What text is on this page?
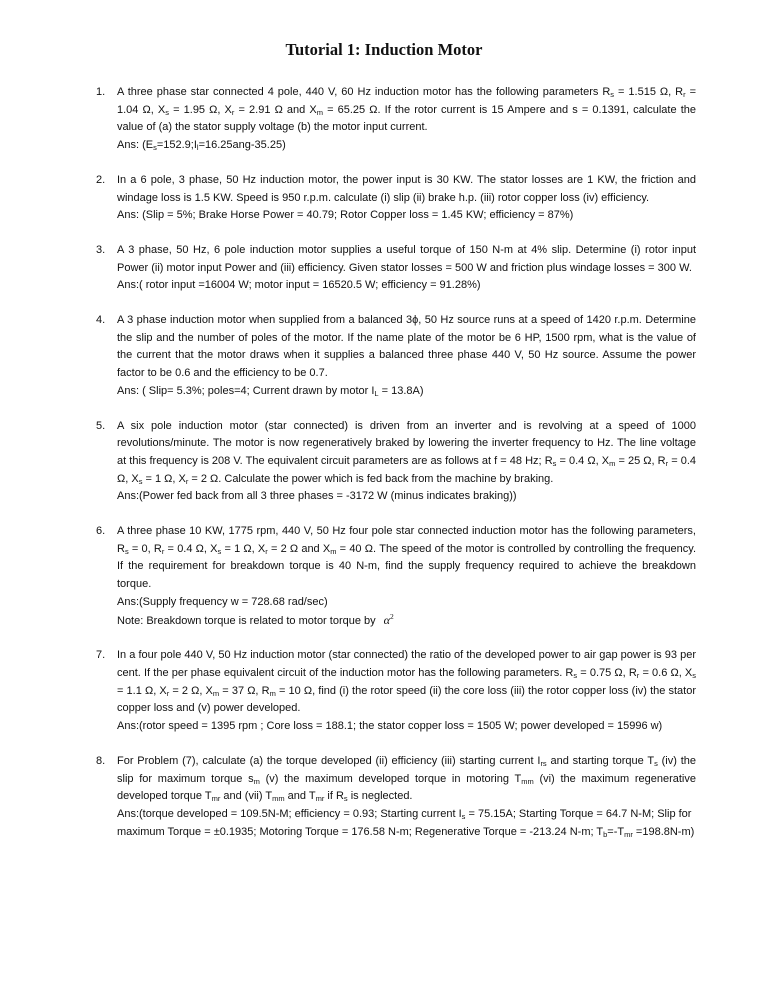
Tutorial 1: Induction Motor
1.	A three phase star connected 4 pole, 440 V, 60 Hz induction motor has the following parameters $R_s = 1.515$ Ω, $R_r = 1.04$ Ω, $X_s = 1.95$ Ω, $X_r = 2.91$ Ω and $X_m = 65.25$ Ω. If the rotor current is 15 Ampere and s = 0.1391, calculate the value of (a) the stator supply voltage (b) the motor input current.
Ans: $(E_s=152.9;I_l=16.25ang-35.25)$
2.	In a 6 pole, 3 phase, 50 Hz induction motor, the power input is 30 KW. The stator losses are 1 KW, the friction and windage loss is 1.5 KW. Speed is 950 r.p.m. calculate (i) slip (ii) brake h.p. (iii) rotor copper loss (iv) efficiency.
Ans: (Slip = 5%; Brake Horse Power = 40.79; Rotor Copper loss = 1.45 KW; efficiency = 87%)
3.	A 3 phase, 50 Hz, 6 pole induction motor supplies a useful torque of 150 N-m at 4% slip. Determine (i) rotor input Power (ii) motor input Power and (iii) efficiency. Given stator losses = 500 W and friction plus windage losses = 300 W.
Ans:( rotor input =16004 W; motor input = 16520.5 W; efficiency = 91.28%)
4.	A 3 phase induction motor when supplied from a balanced 3ϕ, 50 Hz source runs at a speed of 1420 r.p.m. Determine the slip and the number of poles of the motor. If the name plate of the motor be 6 HP, 1500 rpm, what is the value of the current that the motor draws when it supplies a balanced three phase 440 V, 50 Hz source. Assume the power factor to be 0.6 and the efficiency to be 0.7.
Ans: ( Slip= 5.3%; poles=4; Current drawn by motor $I_L = 13.8A$)
5.	A six pole induction motor (star connected) is driven from an inverter and is revolving at a speed of 1000 revolutions/minute. The motor is now regeneratively braked by lowering the inverter frequency to Hz. The line voltage at this frequency is 208 V. The equivalent circuit parameters are as follows at f = 48 Hz; $R_s = 0.4$ Ω, $X_m = 25$ Ω, $R_r = 0.4$ Ω, $X_s = 1$ Ω, $X_r = 2$ Ω. Calculate the power which is fed back from the machine by braking.
Ans:(Power fed back from all 3 three phases = -3172 W (minus indicates braking))
6.	A three phase 10 KW, 1775 rpm, 440 V, 50 Hz four pole star connected induction motor has the following parameters, $R_s = 0$, $R_r = 0.4$ Ω, $X_s = 1$ Ω, $X_r = 2$ Ω and $X_m = 40$ Ω. The speed of the motor is controlled by controlling the frequency. If the requirement for breakdown torque is 40 N-m, find the supply frequency required to achieve the breakdown torque.
Ans:(Supply frequency w = 728.68 rad/sec)
Note: Breakdown torque is related to motor torque by $\alpha^2$
7.	In a four pole 440 V, 50 Hz induction motor (star connected) the ratio of the developed power to air gap power is 93 per cent. If the per phase equivalent circuit of the induction motor has the following parameters. $R_s = 0.75$ Ω, $R_r = 0.6$ Ω, $X_s = 1.1$ Ω, $X_r = 2$ Ω, $X_m = 37$ Ω, $R_m = 10$ Ω, find (i) the rotor speed (ii) the core loss (iii) the rotor copper loss (iv) the stator copper loss and (v) power developed.
Ans:(rotor speed = 1395 rpm ; Core loss = 188.1; the stator copper loss = 1505 W; power developed = 15996 w)
8.	For Problem (7), calculate (a) the torque developed (ii) efficiency (iii) starting current $I_{rs}$ and starting torque $T_s$ (iv) the slip for maximum torque $s_m$ (v) the maximum developed torque in motoring $T_{mm}$ (vi) the maximum regenerative developed torque $T_{mr}$ and (vii) $T_{mm}$ and $T_{mr}$ if $R_s$ is neglected.
Ans:(torque developed = 109.5N-M; efficiency = 0.93; Starting current $I_s = 75.15A$; Starting Torque = 64.7 N-M; Slip for maximum Torque = ±0.1935; Motoring Torque = 176.58 N-m; Regenerative Torque = -213.24 N-m; $T_b=-T_{mr} =198.8N-m$)
